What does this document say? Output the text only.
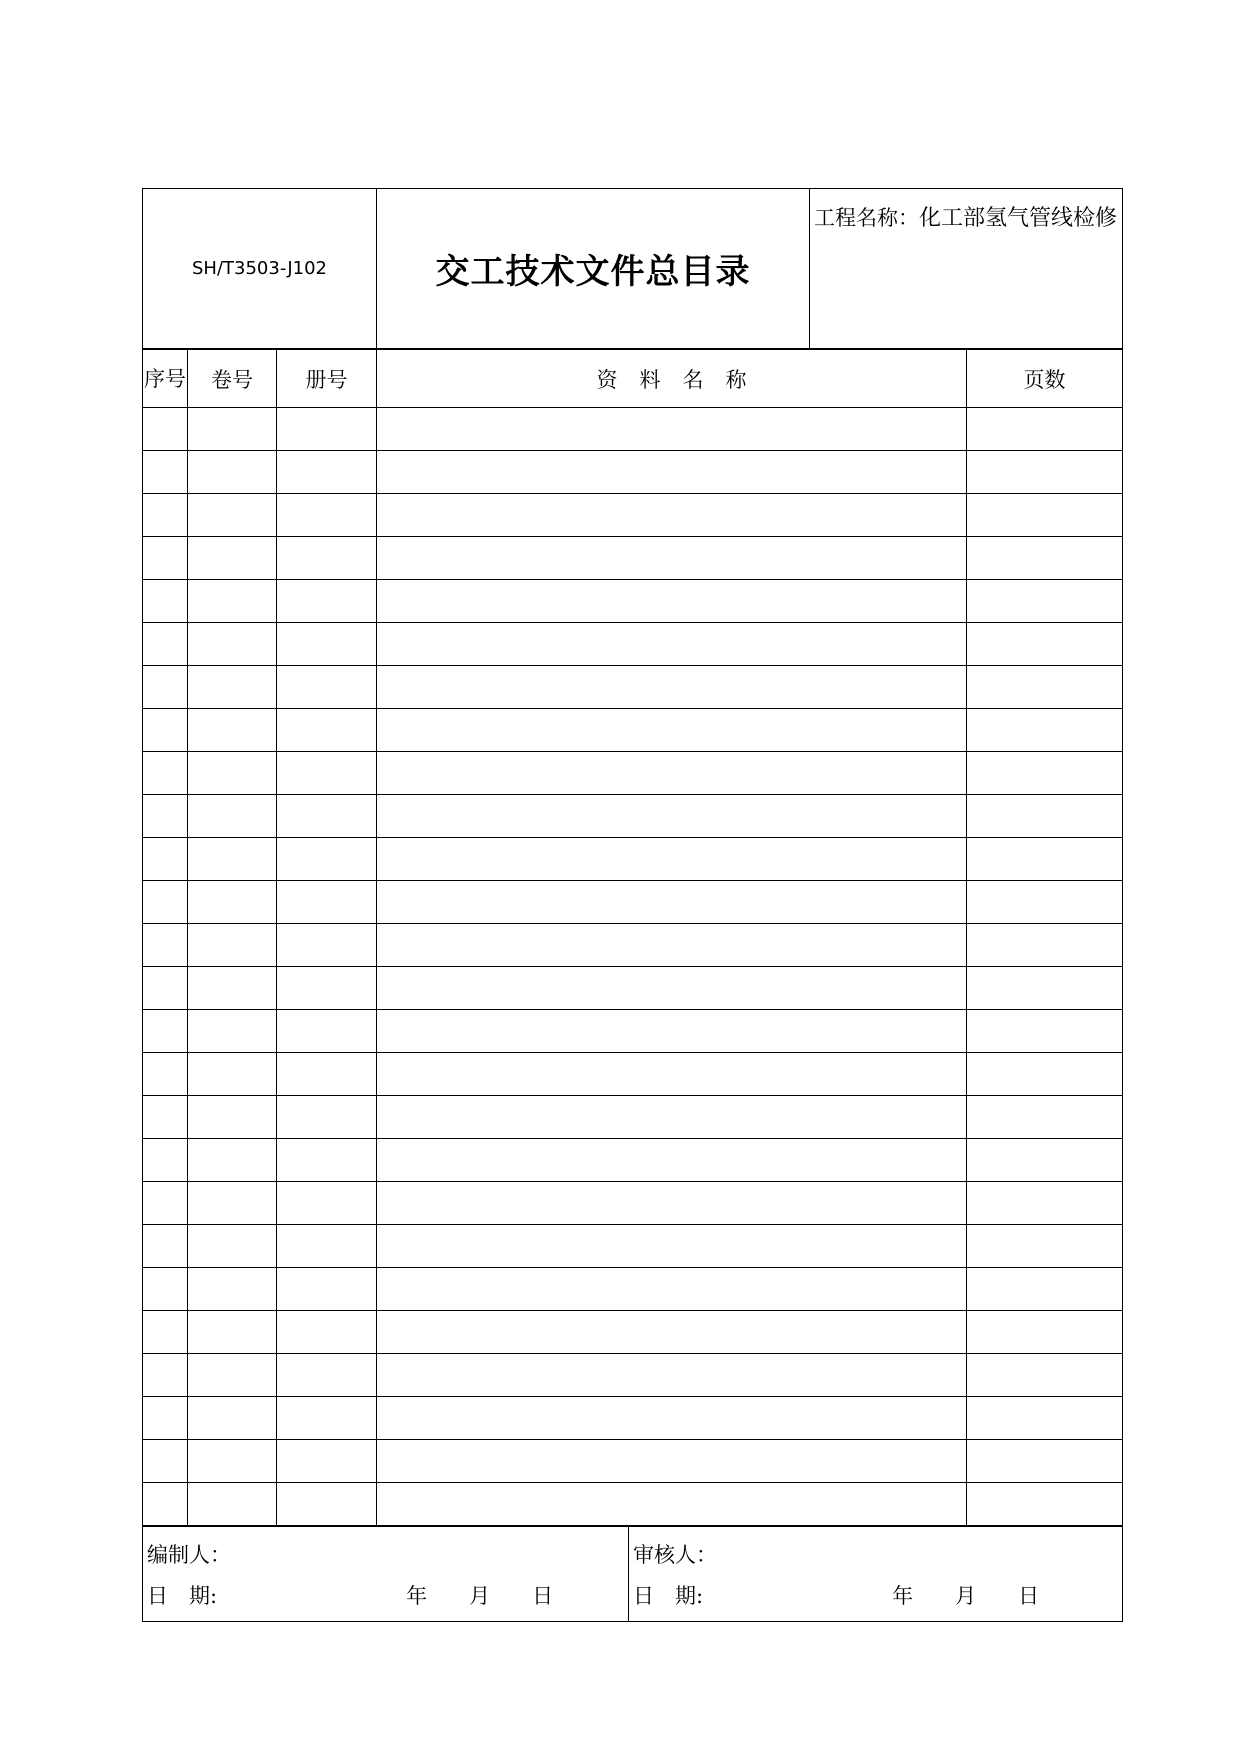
SH/T3503-J102	交工技术文件总目录	工程名称：化工部氢气管线检修
序号	卷号	册号	资料名称	页数

编制人：
日　期:　　　　　　　　　年　　月　　日

审核人：
日　期:　　　　　　　　　年　　月　　日
